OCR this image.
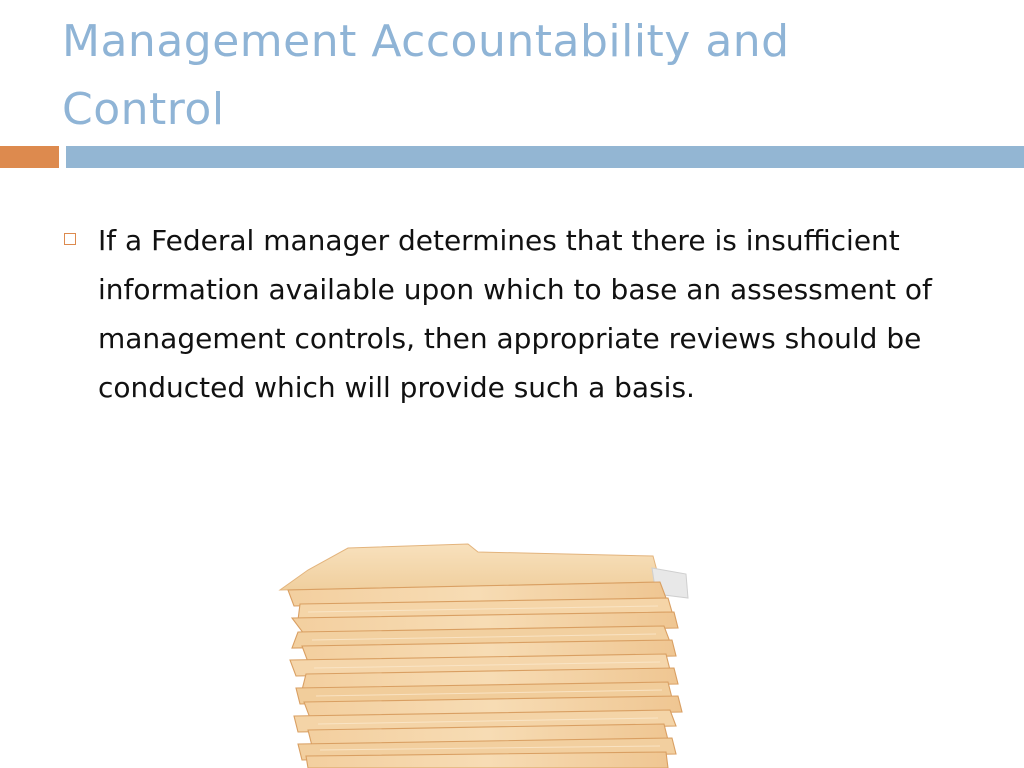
Management Accountability and Control
If a Federal manager determines that there is insufficient information available upon which to base an assessment of management controls, then appropriate reviews should be conducted which will provide such a basis.
